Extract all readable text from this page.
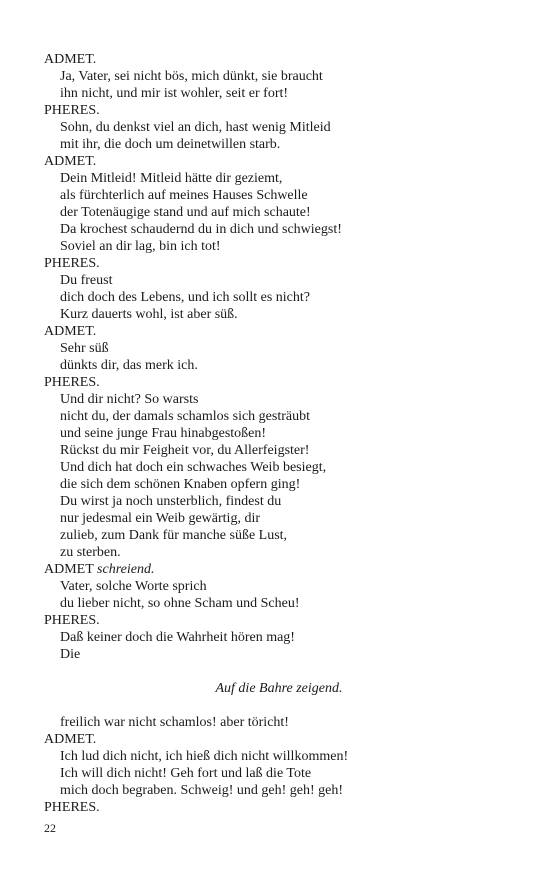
ADMET.
Ja, Vater, sei nicht bös, mich dünkt, sie braucht
ihn nicht, und mir ist wohler, seit er fort!
PHERES.
Sohn, du denkst viel an dich, hast wenig Mitleid
mit ihr, die doch um deinetwillen starb.
ADMET.
Dein Mitleid! Mitleid hätte dir geziemt,
als fürchterlich auf meines Hauses Schwelle
der Totenäugige stand und auf mich schaute!
Da krochest schaudernd du in dich und schwiegst!
Soviel an dir lag, bin ich tot!
PHERES.
Du freust
dich doch des Lebens, und ich sollt es nicht?
Kurz dauerts wohl, ist aber süß.
ADMET.
Sehr süß
dünkts dir, das merk ich.
PHERES.
Und dir nicht? So warsts
nicht du, der damals schamlos sich gesträubt
und seine junge Frau hinabgestoßen!
Rückst du mir Feigheit vor, du Allerfeigster!
Und dich hat doch ein schwaches Weib besiegt,
die sich dem schönen Knaben opfern ging!
Du wirst ja noch unsterblich, findest du
nur jedesmal ein Weib gewärtig, dir
zulieb, zum Dank für manche süße Lust,
zu sterben.
ADMET schreiend.
Vater, solche Worte sprich
du lieber nicht, so ohne Scham und Scheu!
PHERES.
Daß keiner doch die Wahrheit hören mag!
Die
Auf die Bahre zeigend.
freilich war nicht schamlos! aber töricht!
ADMET.
Ich lud dich nicht, ich hieß dich nicht willkommen!
Ich will dich nicht! Geh fort und laß die Tote
mich doch begraben. Schweig! und geh! geh! geh!
PHERES.
22
